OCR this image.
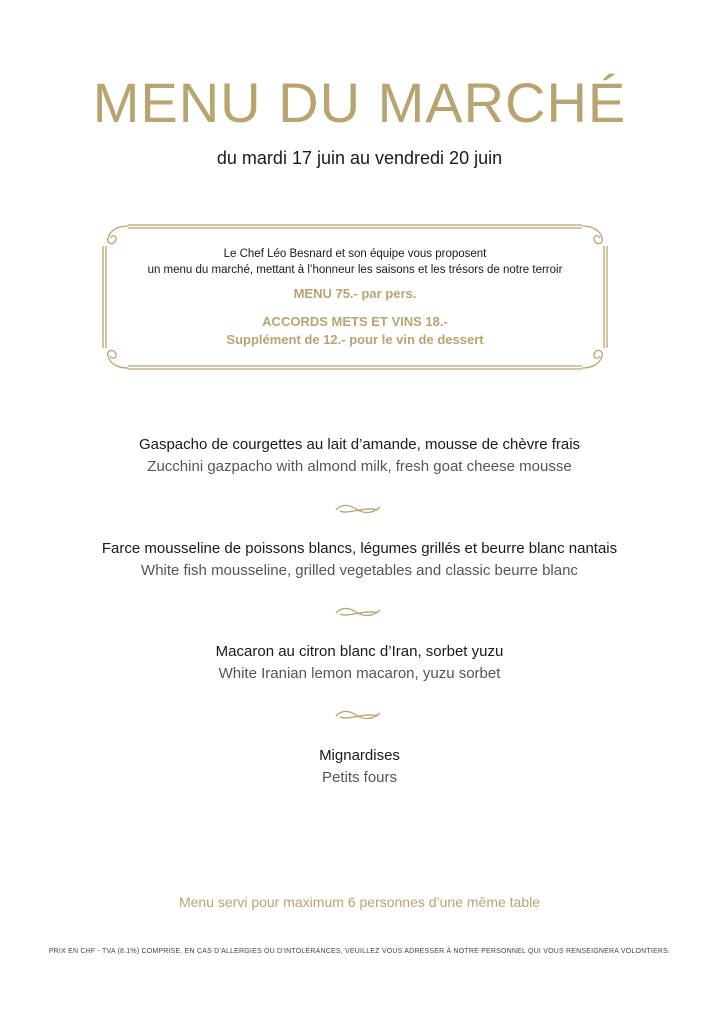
MENU DU MARCHÉ
du mardi 17 juin au vendredi 20 juin
Le Chef Léo Besnard et son équipe vous proposent
un menu du marché, mettant à l’honneur les saisons et les trésors de notre terroir
MENU 75.- par pers.
ACCORDS METS ET VINS 18.-
Supplément de 12.- pour le vin de dessert
Gaspacho de courgettes au lait d’amande, mousse de chèvre frais
Zucchini gazpacho with almond milk, fresh goat cheese mousse
Farce mousseline de poissons blancs, légumes grillés et beurre blanc nantais
White fish mousseline, grilled vegetables and classic beurre blanc
Macaron au citron blanc d’Iran, sorbet yuzu
White Iranian lemon macaron, yuzu sorbet
Mignardises
Petits fours
Menu servi pour maximum 6 personnes d’une même table
PRIX EN CHF - TVA (8.1%) COMPRISE. EN CAS D’ALLERGIES OU D’INTOLÉRANCES, VEUILLEZ VOUS ADRESSER À NOTRE PERSONNEL QUI VOUS RENSEIGNERA VOLONTIERS.
